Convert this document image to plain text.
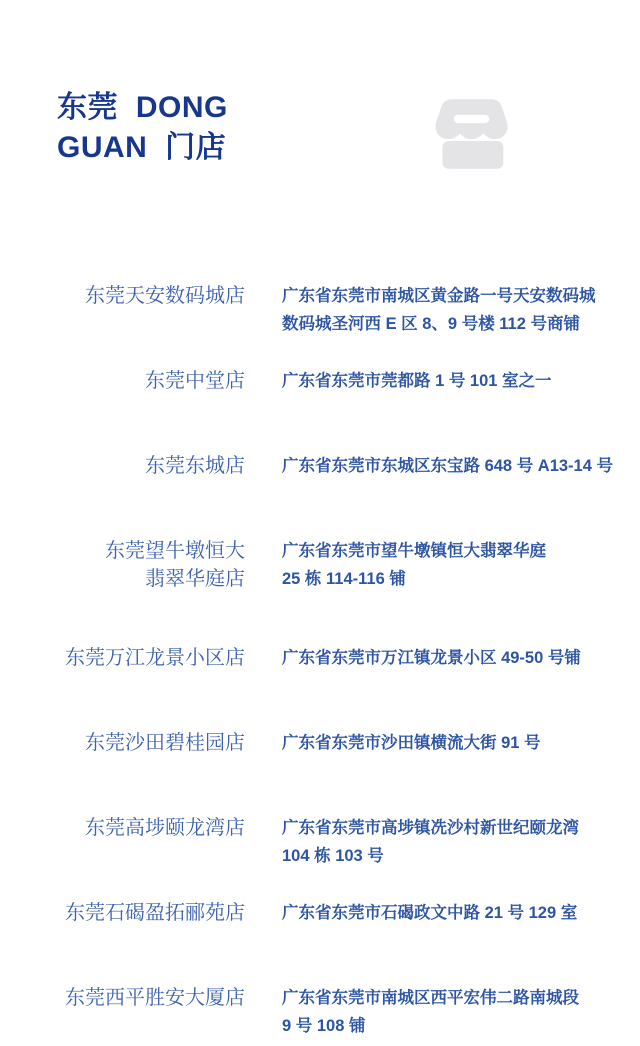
东莞 DONG
GUAN 门店
东莞天安数码城店 广东省东莞市南城区黄金路一号天安数码城
数码城圣河西 E 区 8、9 号楼 112 号商铺
东莞中堂店 广东省东莞市莞都路 1 号 101 室之一
东莞东城店 广东省东莞市东城区东宝路 648 号 A13-14 号
东莞望牛墩恒大
翡翠华庭店
广东省东莞市望牛墩镇恒大翡翠华庭
25 栋 114-116 铺
东莞万江龙景小区店 广东省东莞市万江镇龙景小区 49-50 号铺
东莞沙田碧桂园店 广东省东莞市沙田镇横流大街 91 号
东莞高埗颐龙湾店 广东省东莞市高埗镇冼沙村新世纪颐龙湾
104 栋 103 号
东莞石碣盈拓郦苑店 广东省东莞市石碣政文中路 21 号 129 室
东莞西平胜安大厦店 广东省东莞市南城区西平宏伟二路南城段
9 号 108 铺
